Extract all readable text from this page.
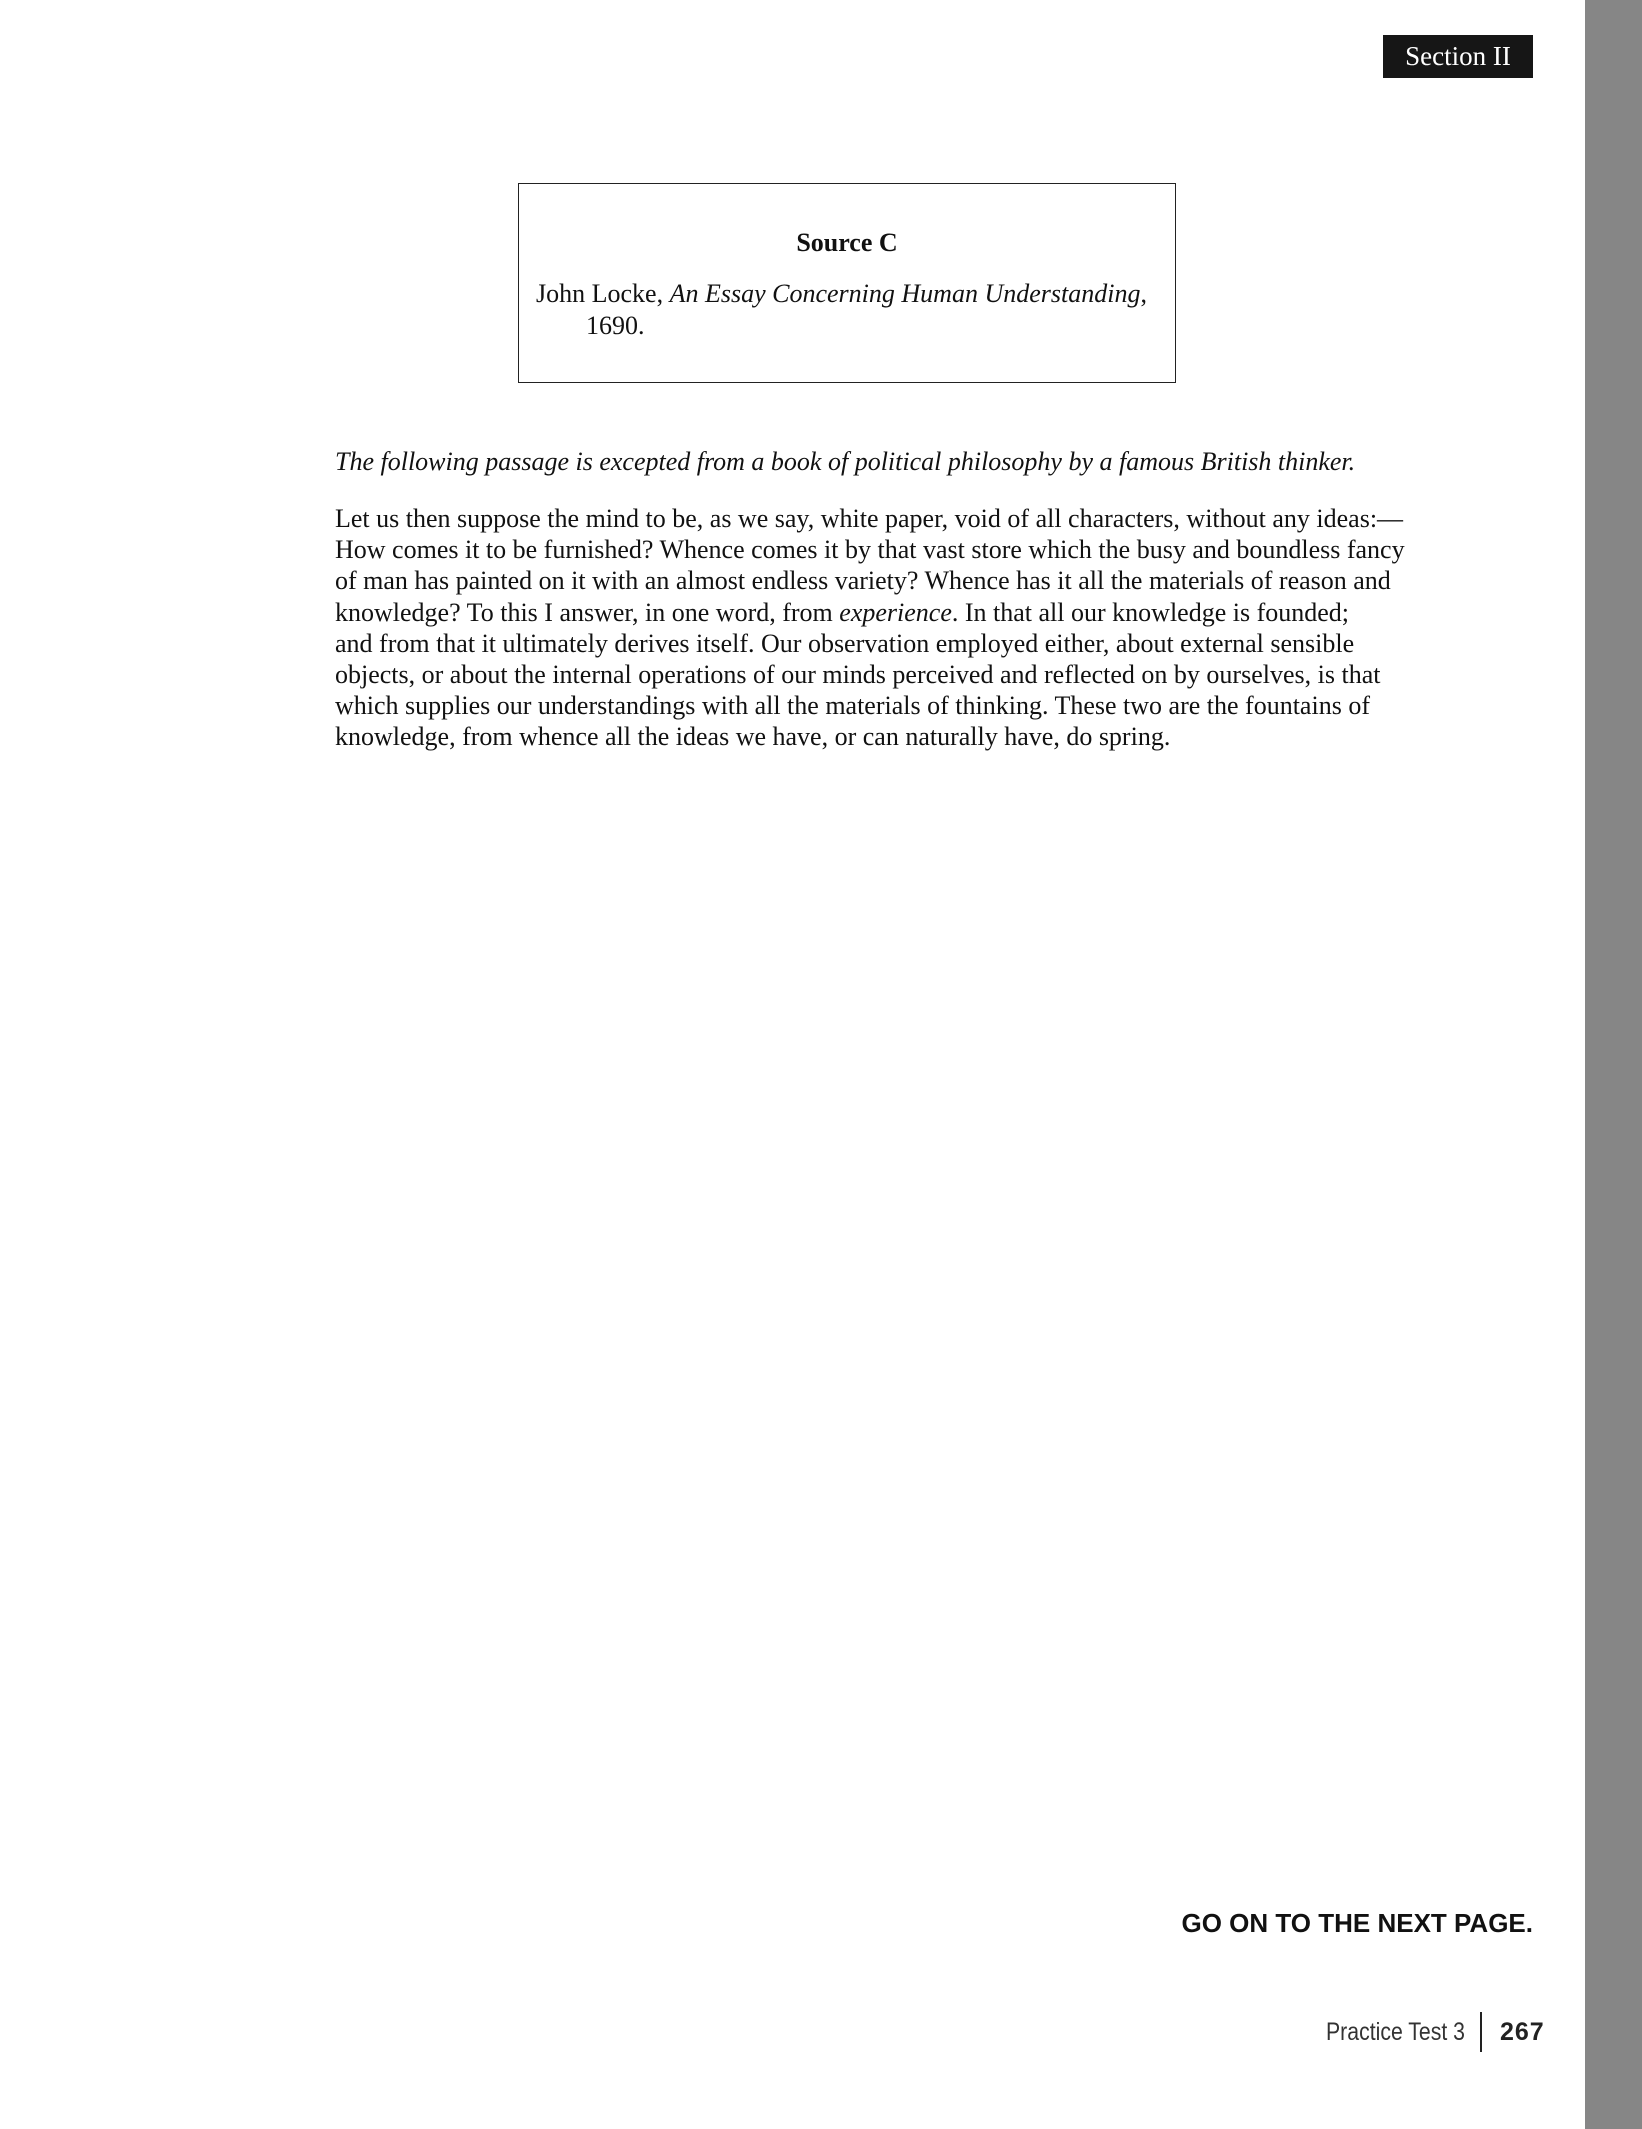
Section II
Source C
John Locke, An Essay Concerning Human Understanding,
1690.
The following passage is excepted from a book of political philosophy by a famous British thinker.
Let us then suppose the mind to be, as we say, white paper, void of all characters, without any ideas:—
How comes it to be furnished? Whence comes it by that vast store which the busy and boundless fancy
of man has painted on it with an almost endless variety? Whence has it all the materials of reason and
knowledge? To this I answer, in one word, from experience. In that all our knowledge is founded;
and from that it ultimately derives itself. Our observation employed either, about external sensible
objects, or about the internal operations of our minds perceived and reflected on by ourselves, is that
which supplies our understandings with all the materials of thinking. These two are the fountains of
knowledge, from whence all the ideas we have, or can naturally have, do spring.
GO ON TO THE NEXT PAGE.
Practice Test 3 267
